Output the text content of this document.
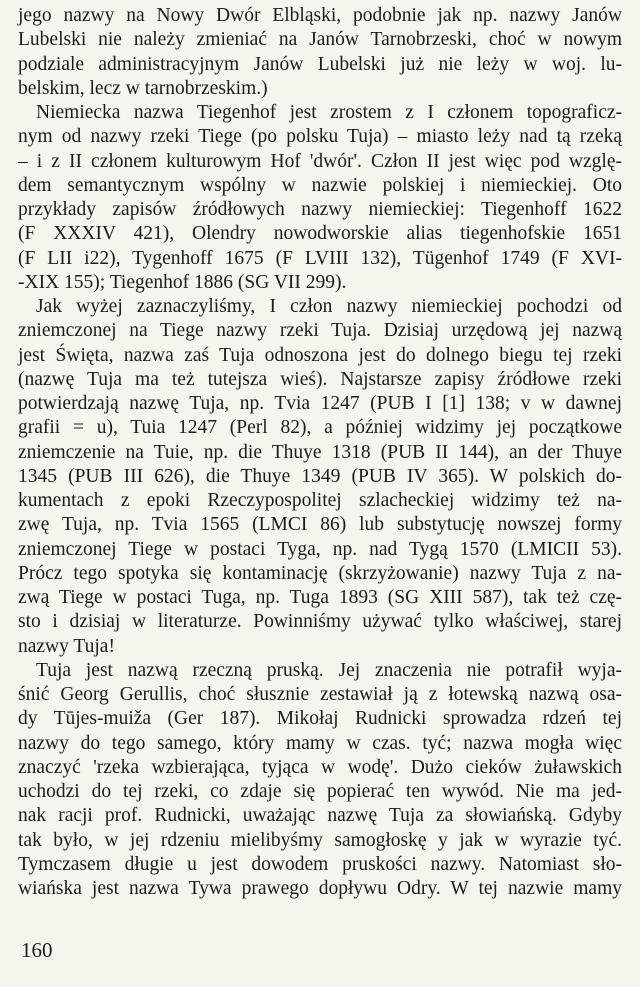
jego nazwy na Nowy Dwór Elbląski, podobnie jak np. nazwy Janów
Lubelski nie należy zmieniać na Janów Tarnobrzeski, choć w nowym
podziale administracyjnym Janów Lubelski już nie leży w woj. lu-
belskim, lecz w tarnobrzeskim.)
Niemiecka nazwa Tiegenhof jest zrostem z I członem topograficz-
nym od nazwy rzeki Tiege (po polsku Tuja) – miasto leży nad tą rzeką
– i z II członem kulturowym Hof 'dwór'. Człon II jest więc pod wzglę-
dem semantycznym wspólny w nazwie polskiej i niemieckiej. Oto
przykłady zapisów źródłowych nazwy niemieckiej: Tiegenhoff 1622
(F XXXIV 421), Olendry nowodworskie alias tiegenhofskie 1651
(F LII i22), Tygenhoff 1675 (F LVIII 132), Tügenhof 1749 (F XVI-
-XIX 155); Tiegenhof 1886 (SG VII 299).
Jak wyżej zaznaczyliśmy, I człon nazwy niemieckiej pochodzi od
zniemczonej na Tiege nazwy rzeki Tuja. Dzisiaj urzędową jej nazwą
jest Święta, nazwa zaś Tuja odnoszona jest do dolnego biegu tej rzeki
(nazwę Tuja ma też tutejsza wieś). Najstarsze zapisy źródłowe rzeki
potwierdzają nazwę Tuja, np. Tvia 1247 (PUB I [1] 138; v w dawnej
grafii = u), Tuia 1247 (Perl 82), a później widzimy jej początkowe
zniemczenie na Tuie, np. die Thuye 1318 (PUB II 144), an der Thuye
1345 (PUB III 626), die Thuye 1349 (PUB IV 365). W polskich do-
kumentach z epoki Rzeczypospolitej szlacheckiej widzimy też na-
zwę Tuja, np. Tvia 1565 (LMCI 86) lub substytucję nowszej formy
zniemczonej Tiege w postaci Tyga, np. nad Tygą 1570 (LMICII 53).
Prócz tego spotyka się kontaminację (skrzyżowanie) nazwy Tuja z na-
zwą Tiege w postaci Tuga, np. Tuga 1893 (SG XIII 587), tak też czę-
sto i dzisiaj w literaturze. Powinniśmy używać tylko właściwej, starej
nazwy Tuja!
Tuja jest nazwą rzeczną pruską. Jej znaczenia nie potrafił wyja-
śnić Georg Gerullis, choć słusznie zestawiał ją z łotewską nazwą osa-
dy Tūjes-muiža (Ger 187). Mikołaj Rudnicki sprowadza rdzeń tej
nazwy do tego samego, który mamy w czas. tyć; nazwa mogła więc
znaczyć 'rzeka wzbierająca, tyjąca w wodę'. Dużo cieków żuławskich
uchodzi do tej rzeki, co zdaje się popierać ten wywód. Nie ma jed-
nak racji prof. Rudnicki, uważając nazwę Tuja za słowiańską. Gdyby
tak było, w jej rdzeniu mielibyśmy samogłoskę y jak w wyrazie tyć.
Tymczasem długie u jest dowodem pruskości nazwy. Natomiast sło-
wiańska jest nazwa Tywa prawego dopływu Odry. W tej nazwie mamy
160
